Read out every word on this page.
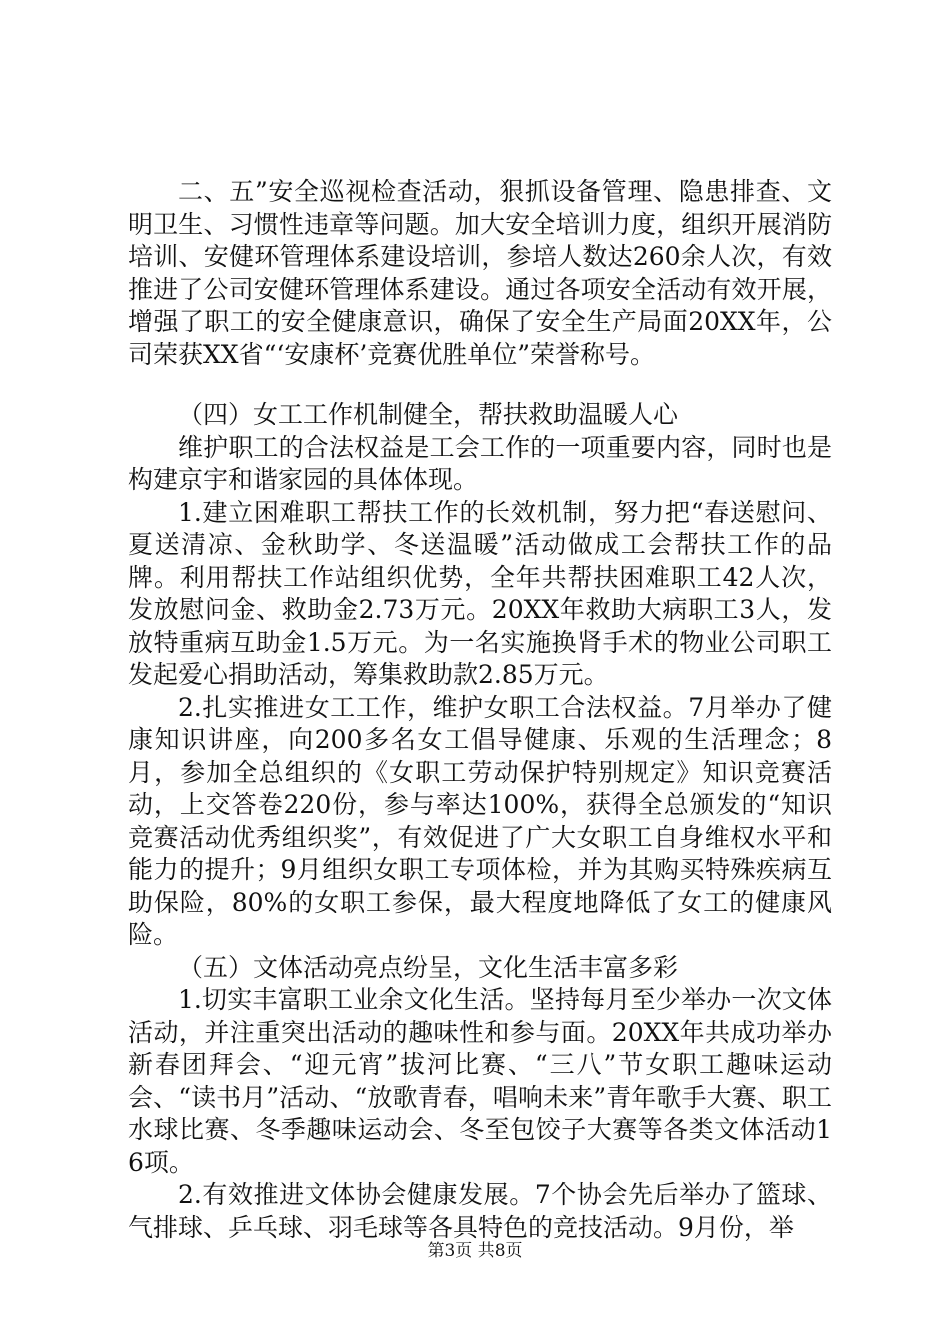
二、五”安全巡视检查活动，狠抓设备管理、隐患排查、文明卫生、习惯性违章等问题。加大安全培训力度，组织开展消防培训、安健环管理体系建设培训，参培人数达260余人次，有效推进了公司安健环管理体系建设。通过各项安全活动有效开展，增强了职工的安全健康意识，确保了安全生产局面20XX年，公司荣获XX省“‘安康杯’竞赛优胜单位”荣誉称号。

（四）女工工作机制健全，帮扶救助温暖人心

维护职工的合法权益是工会工作的一项重要内容，同时也是构建京宇和谐家园的具体体现。

1.建立困难职工帮扶工作的长效机制，努力把“春送慰问、夏送清凉、金秋助学、冬送温暖”活动做成工会帮扶工作的品牌。利用帮扶工作站组织优势，全年共帮扶困难职工42人次，发放慰问金、救助金2.73万元。20XX年救助大病职工3人，发放特重病互助金1.5万元。为一名实施换肾手术的物业公司职工发起爱心捐助活动，筹集救助款2.85万元。

2.扎实推进女工工作，维护女职工合法权益。7月举办了健康知识讲座，向200多名女工倡导健康、乐观的生活理念；8月，参加全总组织的《女职工劳动保护特别规定》知识竞赛活动，上交答卷220份，参与率达100%，获得全总颁发的“知识竞赛活动优秀组织奖”，有效促进了广大女职工自身维权水平和能力的提升；9月组织女职工专项体检，并为其购买特殊疾病互助保险，80%的女职工参保，最大程度地降低了女工的健康风险。

（五）文体活动亮点纷呈，文化生活丰富多彩

1.切实丰富职工业余文化生活。坚持每月至少举办一次文体活动，并注重突出活动的趣味性和参与面。20XX年共成功举办新春团拜会、“迎元宵”拔河比赛、“三八”节女职工趣味运动会、“读书月”活动、“放歌青春，唱响未来”青年歌手大赛、职工水球比赛、冬季趣味运动会、冬至包饺子大赛等各类文体活动16项。

2.有效推进文体协会健康发展。7个协会先后举办了篮球、气排球、乒乓球、羽毛球等各具特色的竞技活动。9月份，举

第3页 共8页
